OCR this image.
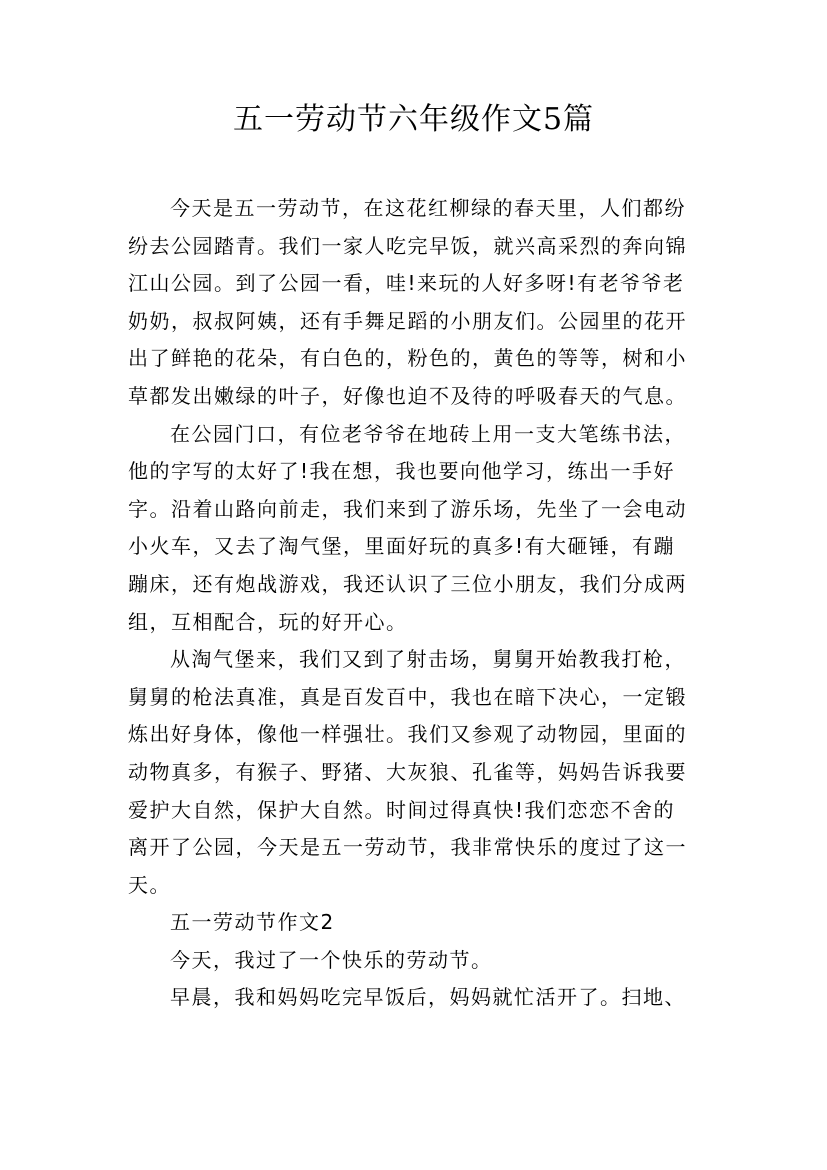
五一劳动节六年级作文5篇
今天是五一劳动节，在这花红柳绿的春天里，人们都纷
纷去公园踏青。我们一家人吃完早饭，就兴高采烈的奔向锦
江山公园。到了公园一看，哇!来玩的人好多呀!有老爷爷老
奶奶，叔叔阿姨，还有手舞足蹈的小朋友们。公园里的花开
出了鲜艳的花朵，有白色的，粉色的，黄色的等等，树和小
草都发出嫩绿的叶子，好像也迫不及待的呼吸春天的气息。
在公园门口，有位老爷爷在地砖上用一支大笔练书法，
他的字写的太好了!我在想，我也要向他学习，练出一手好
字。沿着山路向前走，我们来到了游乐场，先坐了一会电动
小火车，又去了淘气堡，里面好玩的真多!有大砸锤，有蹦
蹦床，还有炮战游戏，我还认识了三位小朋友，我们分成两
组，互相配合，玩的好开心。
从淘气堡来，我们又到了射击场，舅舅开始教我打枪，
舅舅的枪法真准，真是百发百中，我也在暗下决心，一定锻
炼出好身体，像他一样强壮。我们又参观了动物园，里面的
动物真多，有猴子、野猪、大灰狼、孔雀等，妈妈告诉我要
爱护大自然，保护大自然。时间过得真快!我们恋恋不舍的
离开了公园，今天是五一劳动节，我非常快乐的度过了这一
天。
五一劳动节作文2
今天，我过了一个快乐的劳动节。
早晨，我和妈妈吃完早饭后，妈妈就忙活开了。扫地、
